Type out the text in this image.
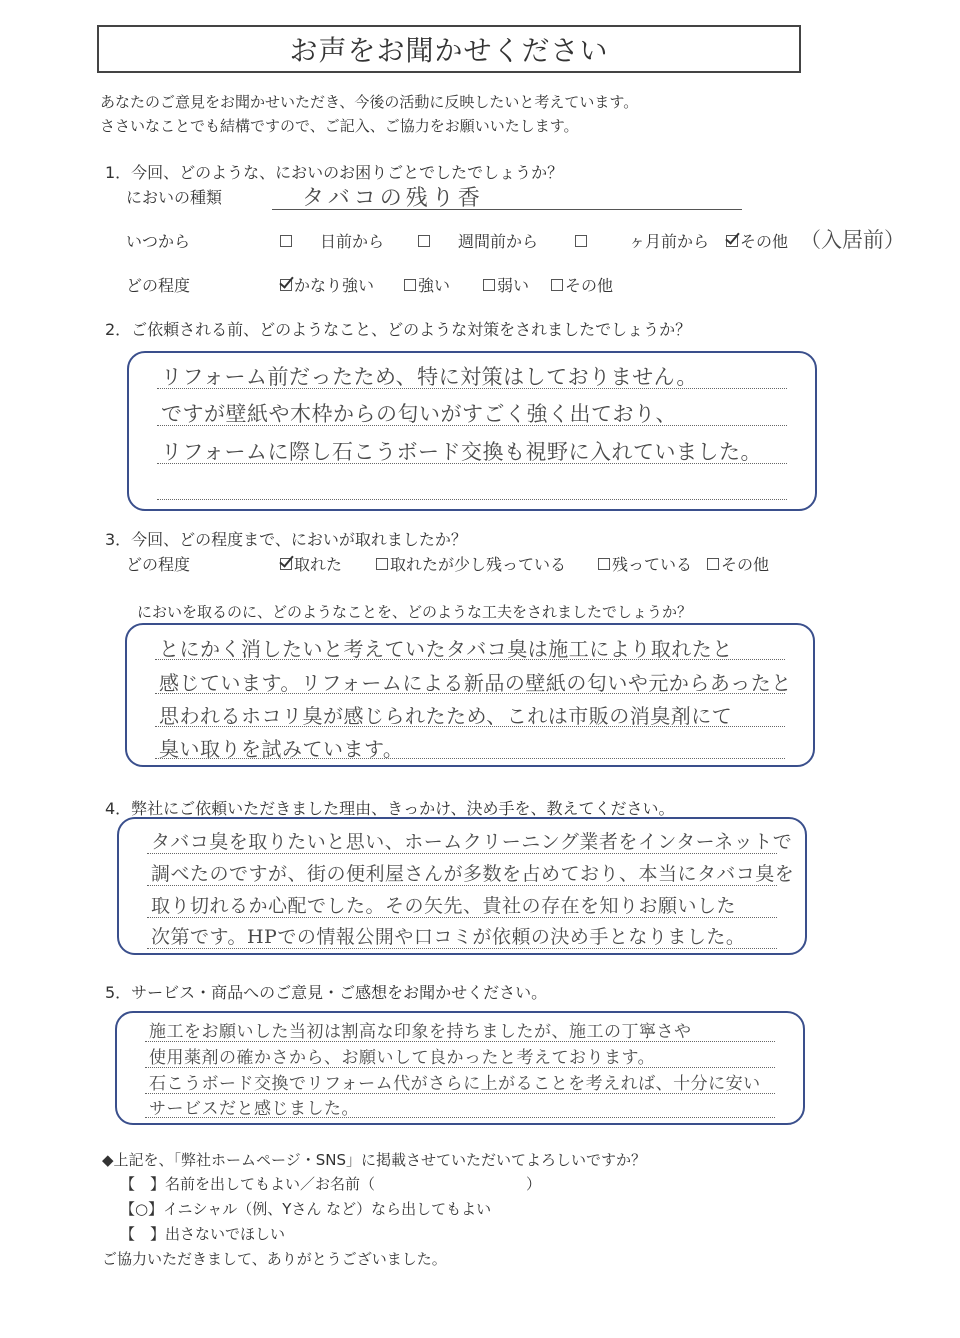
お声をお聞かせください
あなたのご意見をお聞かせいただき、今後の活動に反映したいと考えています。
ささいなことでも結構ですので、ご記入、ご協力をお願いいたします。
1．今回、どのような、においのお困りごとでしたでしょうか？
においの種類	タバコの残り香
いつから	日前から	週間前から	ヶ月前から その他 （入居前）
どの程度	かなり強い	強い	弱い その他
2．ご依頼される前、どのようなこと、どのような対策をされましたでしょうか？
リフォーム前だったため、特に対策はしておりません。
ですが壁紙や木枠からの匂いがすごく強く出ており、
リフォームに際し石こうボード交換も視野に入れていました。
3．今回、どの程度まで、においが取れましたか？
どの程度	取れた	取れたが少し残っている	残っている その他
においを取るのに、どのようなことを、どのような工夫をされましたでしょうか？
とにかく消したいと考えていたタバコ臭は施工により取れたと
感じています。リフォームによる新品の壁紙の匂いや元からあったと
思われるホコリ臭が感じられたため、これは市販の消臭剤にて
臭い取りを試みています。
4．弊社にご依頼いただきました理由、きっかけ、決め手を、教えてください。
タバコ臭を取りたいと思い、ホームクリーニング業者をインターネットで
調べたのですが、街の便利屋さんが多数を占めており、本当にタバコ臭を
取り切れるか心配でした。その矢先、貴社の存在を知りお願いした
次第です。HPでの情報公開や口コミが依頼の決め手となりました。
5．サービス・商品へのご意見・ご感想をお聞かせください。
施工をお願いした当初は割高な印象を持ちましたが、施工の丁寧さや
使用薬剤の確かさから、お願いして良かったと考えております。
石こうボード交換でリフォーム代がさらに上がることを考えれば、十分に安い
サービスだと感じました。
◆上記を、「弊社ホームページ・SNS」に掲載させていただいてよろしいですか？
【　】名前を出してもよい／お名前（	）
【○】イニシャル（例、Yさん など）なら出してもよい
【　】出さないでほしい
ご協力いただきまして、ありがとうございました。
